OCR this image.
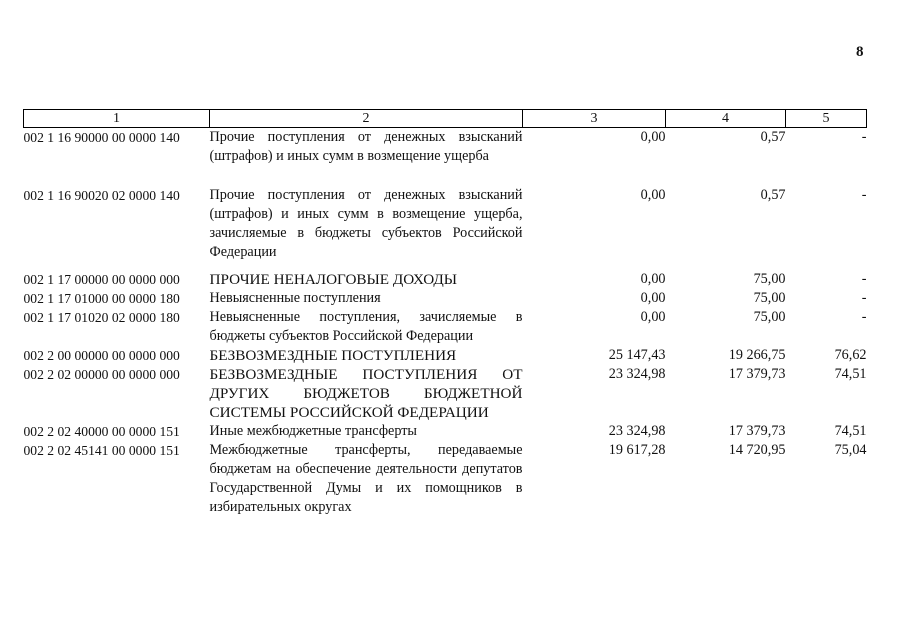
8
1	2	3	4	5
002 1 16 90000 00 0000 140	Прочие поступления от денежных взысканий (штрафов) и иных сумм в возмещение ущерба	0,00	0,57	-

002 1 16 90020 02 0000 140	Прочие поступления от денежных взысканий (штрафов) и иных сумм в возмещение ущерба, зачисляемые в бюджеты субъектов Российской Федерации	0,00	0,57	-

002 1 17 00000 00 0000 000	ПРОЧИЕ НЕНАЛОГОВЫЕ ДОХОДЫ	0,00	75,00	-
002 1 17 01000 00 0000 180	Невыясненные поступления	0,00	75,00	-
002 1 17 01020 02 0000 180	Невыясненные поступления, зачисляемые в бюджеты субъектов Российской Федерации	0,00	75,00	-
002 2 00 00000 00 0000 000	БЕЗВОЗМЕЗДНЫЕ ПОСТУПЛЕНИЯ	25 147,43	19 266,75	76,62
002 2 02 00000 00 0000 000	БЕЗВОЗМЕЗДНЫЕ ПОСТУПЛЕНИЯ ОТ ДРУГИХ БЮДЖЕТОВ БЮДЖЕТНОЙ СИСТЕМЫ РОССИЙСКОЙ ФЕДЕРАЦИИ	23 324,98	17 379,73	74,51
002 2 02 40000 00 0000 151	Иные межбюджетные трансферты	23 324,98	17 379,73	74,51
002 2 02 45141 00 0000 151	Межбюджетные трансферты, передаваемые бюджетам на обеспечение деятельности депутатов Государственной Думы и их помощников в избирательных округах	19 617,28	14 720,95	75,04
